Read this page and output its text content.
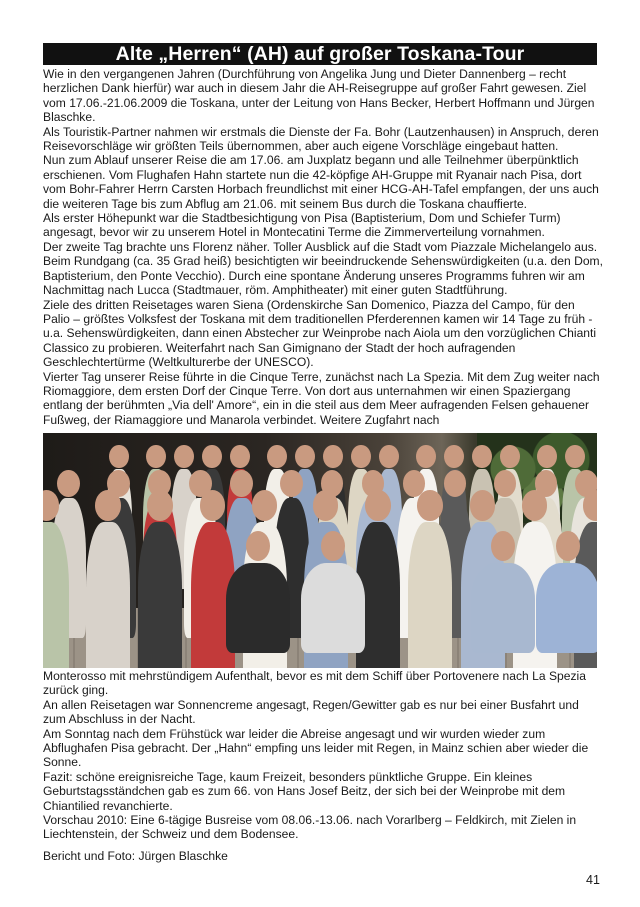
Alte „Herren“ (AH) auf großer Toskana-Tour

Wie in den vergangenen Jahren (Durchführung von Angelika Jung und Dieter Dannenberg – recht herzlichen Dank hierfür) war auch in diesem Jahr die AH-Reisegruppe auf großer Fahrt gewesen. Ziel vom 17.06.-21.06.2009 die Toskana, unter der Leitung von Hans Becker, Herbert Hoffmann und Jürgen Blaschke.

Als Touristik-Partner nahmen wir erstmals die Dienste der Fa. Bohr (Lautzenhausen) in Anspruch, deren Reisevorschläge wir größten Teils übernommen, aber auch eigene Vorschläge eingebaut hatten.

Nun zum Ablauf unserer Reise die am 17.06. am Juxplatz begann und alle Teilnehmer überpünktlich erschienen. Vom Flughafen Hahn startete nun die 42-köpfige AH-Gruppe mit Ryanair nach Pisa, dort vom Bohr-Fahrer Herrn Carsten Horbach freundlichst mit einer HCG-AH-Tafel empfangen, der uns auch die weiteren Tage bis zum Abflug am 21.06. mit seinem Bus durch die Toskana chauffierte.

Als erster Höhepunkt war die Stadtbesichtigung von Pisa (Baptisterium, Dom und Schiefer Turm) angesagt, bevor wir zu unserem Hotel in Montecatini Terme die Zimmerverteilung vornahmen.

Der zweite Tag brachte uns Florenz näher. Toller Ausblick auf die Stadt vom Piazzale Michelangelo aus. Beim Rundgang (ca. 35 Grad heiß) besichtigten wir beeindruckende Sehenswürdigkeiten (u.a. den Dom, Baptisterium, den Ponte Vecchio). Durch eine spontane Änderung unseres Programms fuhren wir am Nachmittag nach Lucca (Stadtmauer, röm. Amphitheater) mit einer guten Stadtführung.

Ziele des dritten Reisetages waren Siena (Ordenskirche San Domenico, Piazza del Campo, für den Palio – größtes Volksfest der Toskana mit dem traditionellen Pferderennen kamen wir 14 Tage zu früh - u.a. Sehenswürdigkeiten, dann einen Abstecher zur Weinprobe nach Aiola um den vorzüglichen Chianti Classico zu probieren. Weiterfahrt nach San Gimignano der Stadt der hoch aufragenden Geschlechtertürme (Weltkulturerbe der UNESCO).

Vierter Tag unserer Reise führte in die Cinque Terre, zunächst nach La Spezia. Mit dem Zug weiter nach Riomaggiore, dem ersten Dorf der Cinque Terre. Von dort aus unternahmen wir einen Spaziergang entlang der berühmten „Via dell' Amore“, ein in die steil aus dem Meer aufragenden Felsen gehauener Fußweg, der Riamaggiore und Manarola verbindet. Weitere Zugfahrt nach

Monterosso mit mehrstündigem Aufenthalt, bevor es mit dem Schiff über Portovenere nach La Spezia zurück ging.

An allen Reisetagen war Sonnencreme angesagt, Regen/Gewitter gab es nur bei einer Busfahrt und zum Abschluss in der Nacht.

Am Sonntag nach dem Frühstück war leider die Abreise angesagt und wir wurden wieder zum Abflughafen Pisa gebracht. Der „Hahn“ empfing uns leider mit Regen, in Mainz schien aber wieder die Sonne.

Fazit: schöne ereignisreiche Tage, kaum Freizeit, besonders pünktliche Gruppe. Ein kleines Geburtstagsständchen gab es zum 66. von Hans Josef Beitz, der sich bei der Weinprobe mit dem Chiantilied revanchierte.

Vorschau 2010: Eine 6-tägige Busreise vom 08.06.-13.06. nach Vorarlberg – Feldkirch, mit Zielen in Liechtenstein, der Schweiz und dem Bodensee.

Bericht und Foto: Jürgen Blaschke
41
